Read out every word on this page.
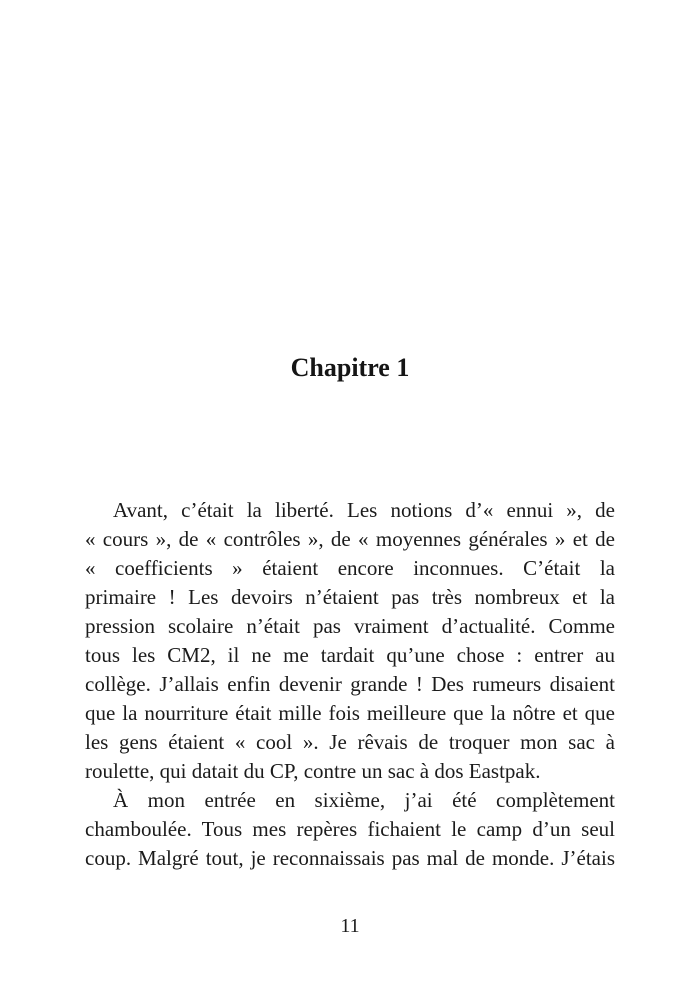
Chapitre 1
Avant, c’était la liberté. Les notions d’« ennui », de
« cours », de « contrôles », de « moyennes générales » et de
« coefficients » étaient encore inconnues. C’était la
primaire ! Les devoirs n’étaient pas très nombreux et la
pression scolaire n’était pas vraiment d’actualité. Comme
tous les CM2, il ne me tardait qu’une chose : entrer au
collège. J’allais enfin devenir grande ! Des rumeurs disaient
que la nourriture était mille fois meilleure que la nôtre et que
les gens étaient « cool ». Je rêvais de troquer mon sac à
roulette, qui datait du CP, contre un sac à dos Eastpak.
À mon entrée en sixième, j’ai été complètement
chamboulée. Tous mes repères fichaient le camp d’un seul
coup. Malgré tout, je reconnaissais pas mal de monde. J’étais
11
